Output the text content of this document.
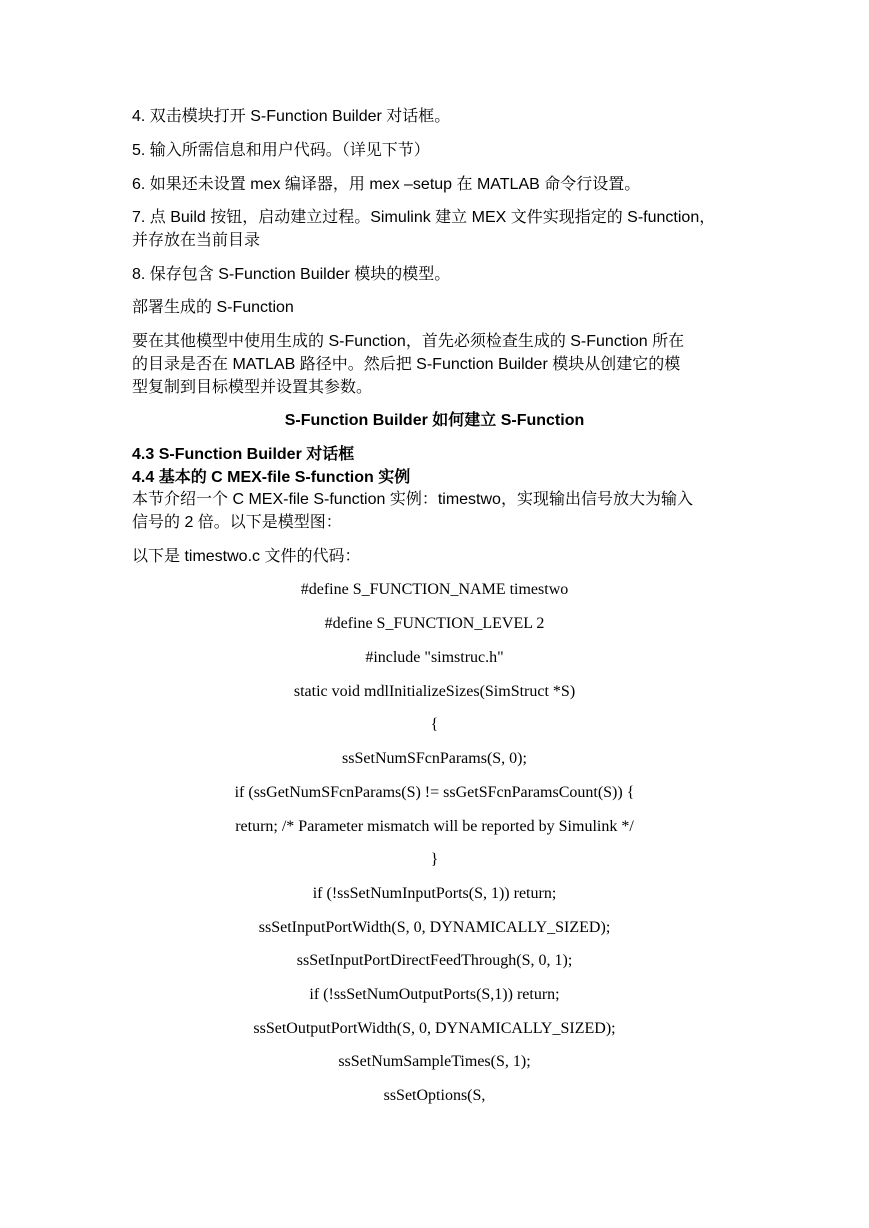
4. 双击模块打开 S-Function Builder 对话框。

5. 输入所需信息和用户代码。（详见下节）

6. 如果还未设置 mex 编译器，用 mex –setup 在 MATLAB 命令行设置。

7. 点 Build 按钮，启动建立过程。Simulink 建立 MEX 文件实现指定的 S-function，

并存放在当前目录

8. 保存包含 S-Function Builder 模块的模型。

部署生成的 S-Function

要在其他模型中使用生成的 S-Function，首先必须检查生成的 S-Function 所在

的目录是否在 MATLAB 路径中。然后把 S-Function Builder 模块从创建它的模

型复制到目标模型并设置其参数。

S-Function Builder 如何建立 S-Function

4.3 S-Function Builder 对话框

4.4 基本的 C MEX-file S-function 实例

本节介绍一个 C MEX-file S-function 实例：timestwo，实现输出信号放大为输入

信号的 2 倍。以下是模型图：

以下是 timestwo.c 文件的代码：

#define S_FUNCTION_NAME timestwo

#define S_FUNCTION_LEVEL 2

#include "simstruc.h"

static void mdlInitializeSizes(SimStruct *S)

{

ssSetNumSFcnParams(S, 0);

if (ssGetNumSFcnParams(S) != ssGetSFcnParamsCount(S)) {

return; /* Parameter mismatch will be reported by Simulink */

}

if (!ssSetNumInputPorts(S, 1)) return;

ssSetInputPortWidth(S, 0, DYNAMICALLY_SIZED);

ssSetInputPortDirectFeedThrough(S, 0, 1);

if (!ssSetNumOutputPorts(S,1)) return;

ssSetOutputPortWidth(S, 0, DYNAMICALLY_SIZED);

ssSetNumSampleTimes(S, 1);

ssSetOptions(S,
